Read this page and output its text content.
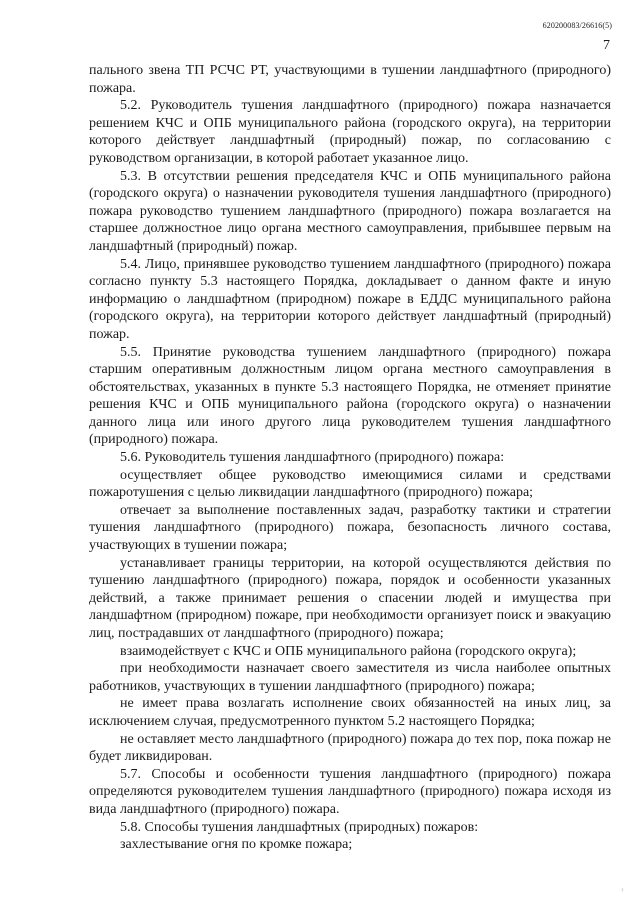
620200083/26616(5)
7

пального звена ТП РСЧС РТ, участвующими в тушении ландшафтного (природного) пожара.

5.2. Руководитель тушения ландшафтного (природного) пожара назначается решением КЧС и ОПБ муниципального района (городского округа), на территории которого действует ландшафтный (природный) пожар, по согласованию с руководством организации, в которой работает указанное лицо.

5.3. В отсутствии решения председателя КЧС и ОПБ муниципального района (городского округа) о назначении руководителя тушения ландшафтного (природного) пожара руководство тушением ландшафтного (природного) пожара возлагается на старшее должностное лицо органа местного самоуправления, прибывшее первым на ландшафтный (природный) пожар.

5.4. Лицо, принявшее руководство тушением ландшафтного (природного) пожара согласно пункту 5.3 настоящего Порядка, докладывает о данном факте и иную информацию о ландшафтном (природном) пожаре в ЕДДС муниципального района (городского округа), на территории которого действует ландшафтный (природный) пожар.

5.5. Принятие руководства тушением ландшафтного (природного) пожара старшим оперативным должностным лицом органа местного самоуправления в обстоятельствах, указанных в пункте 5.3 настоящего Порядка, не отменяет принятие решения КЧС и ОПБ муниципального района (городского округа) о назначении данного лица или иного другого лица руководителем тушения ландшафтного (природного) пожара.

5.6. Руководитель тушения ландшафтного (природного) пожара:

осуществляет общее руководство имеющимися силами и средствами пожаротушения с целью ликвидации ландшафтного (природного) пожара;

отвечает за выполнение поставленных задач, разработку тактики и стратегии тушения ландшафтного (природного) пожара, безопасность личного состава, участвующих в тушении пожара;

устанавливает границы территории, на которой осуществляются действия по тушению ландшафтного (природного) пожара, порядок и особенности указанных действий, а также принимает решения о спасении людей и имущества при ландшафтном (природном) пожаре, при необходимости организует поиск и эвакуацию лиц, пострадавших от ландшафтного (природного) пожара;

взаимодействует с КЧС и ОПБ муниципального района (городского округа);

при необходимости назначает своего заместителя из числа наиболее опытных работников, участвующих в тушении ландшафтного (природного) пожара;

не имеет права возлагать исполнение своих обязанностей на иных лиц, за исключением случая, предусмотренного пунктом 5.2 настоящего Порядка;

не оставляет место ландшафтного (природного) пожара до тех пор, пока пожар не будет ликвидирован.

5.7. Способы и особенности тушения ландшафтного (природного) пожара определяются руководителем тушения ландшафтного (природного) пожара исходя из вида ландшафтного (природного) пожара.

5.8. Способы тушения ландшафтных (природных) пожаров:

захлестывание огня по кромке пожара;

‹
